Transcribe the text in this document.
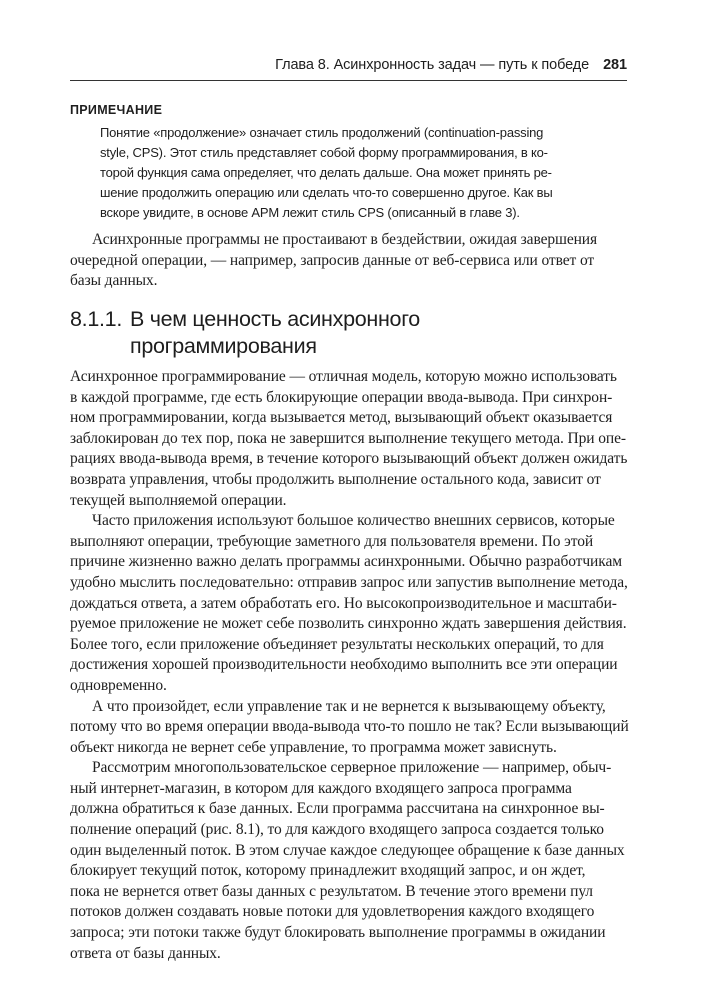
Глава 8. Асинхронность задач — путь к победе 281
ПРИМЕЧАНИЕ
Понятие «продолжение» означает стиль продолжений (continuation-passing
style, CPS). Этот стиль представляет собой форму программирования, в ко-
торой функция сама определяет, что делать дальше. Она может принять ре-
шение продолжить операцию или сделать что-то совершенно другое. Как вы
вскоре увидите, в основе APM лежит стиль CPS (описанный в главе 3).
Асинхронные программы не простаивают в бездействии, ожидая завершения
очередной операции, — например, запросив данные от веб-сервиса или ответ от
базы данных.
8.1.1. В чем ценность асинхронного
программирования
Асинхронное программирование — отличная модель, которую можно использовать
в каждой программе, где есть блокирующие операции ввода-вывода. При синхрон-
ном программировании, когда вызывается метод, вызывающий объект оказывается
заблокирован до тех пор, пока не завершится выполнение текущего метода. При опе-
рациях ввода-вывода время, в течение которого вызывающий объект должен ожидать
возврата управления, чтобы продолжить выполнение остального кода, зависит от
текущей выполняемой операции.
Часто приложения используют большое количество внешних сервисов, которые
выполняют операции, требующие заметного для пользователя времени. По этой
причине жизненно важно делать программы асинхронными. Обычно разработчикам
удобно мыслить последовательно: отправив запрос или запустив выполнение метода,
дождаться ответа, а затем обработать его. Но высокопроизводительное и масштаби-
руемое приложение не может себе позволить синхронно ждать завершения действия.
Более того, если приложение объединяет результаты нескольких операций, то для
достижения хорошей производительности необходимо выполнить все эти операции
одновременно.
А что произойдет, если управление так и не вернется к вызывающему объекту,
потому что во время операции ввода-вывода что-то пошло не так? Если вызывающий
объект никогда не вернет себе управление, то программа может зависнуть.
Рассмотрим многопользовательское серверное приложение — например, обыч-
ный интернет-магазин, в котором для каждого входящего запроса программа
должна обратиться к базе данных. Если программа рассчитана на синхронное вы-
полнение операций (рис. 8.1), то для каждого входящего запроса создается только
один выделенный поток. В этом случае каждое следующее обращение к базе данных
блокирует текущий поток, которому принадлежит входящий запрос, и он ждет,
пока не вернется ответ базы данных с результатом. В течение этого времени пул
потоков должен создавать новые потоки для удовлетворения каждого входящего
запроса; эти потоки также будут блокировать выполнение программы в ожидании
ответа от базы данных.
